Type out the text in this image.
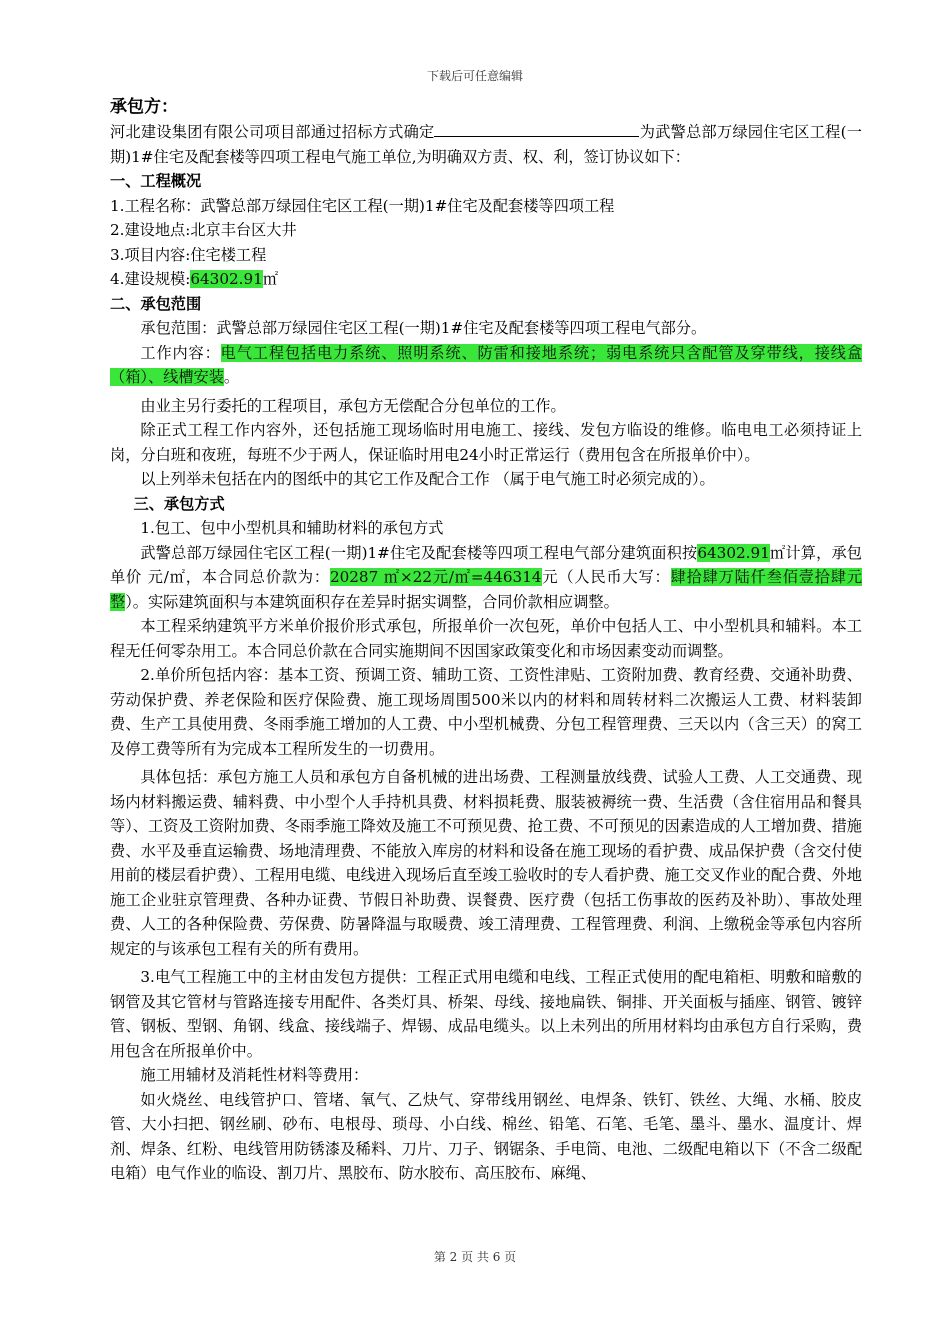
下载后可任意编辑

承包方：

河北建设集团有限公司项目部通过招标方式确定	为武警总部万绿园住宅区工程(一期)1#住宅及配套楼等四项工程电气施工单位,为明确双方责、权、利，签订协议如下：

一、工程概况

1.工程名称：武警总部万绿园住宅区工程(一期)1#住宅及配套楼等四项工程

2.建设地点:北京丰台区大井

3.项目内容:住宅楼工程

4.建设规模:64302.91㎡

二、承包范围

承包范围：武警总部万绿园住宅区工程(一期)1#住宅及配套楼等四项工程电气部分。

工作内容：电气工程包括电力系统、照明系统、防雷和接地系统；弱电系统只含配管及穿带线，接线盒（箱）、线槽安装。

由业主另行委托的工程项目，承包方无偿配合分包单位的工作。

除正式工程工作内容外，还包括施工现场临时用电施工、接线、发包方临设的维修。临电电工必须持证上岗，分白班和夜班，每班不少于两人，保证临时用电24小时正常运行（费用包含在所报单价中）。

以上列举未包括在内的图纸中的其它工作及配合工作 （属于电气施工时必须完成的）。

三、承包方式

1.包工、包中小型机具和辅助材料的承包方式

武警总部万绿园住宅区工程(一期)1#住宅及配套楼等四项工程电气部分建筑面积按64302.91㎡计算，承包单价 元/㎡，本合同总价款为：20287 ㎡×22元/㎡=446314元（人民币大写：肆拾肆万陆仟叁佰壹拾肆元整）。实际建筑面积与本建筑面积存在差异时据实调整，合同价款相应调整。

本工程采纳建筑平方米单价报价形式承包，所报单价一次包死，单价中包括人工、中小型机具和辅料。本工程无任何零杂用工。本合同总价款在合同实施期间不因国家政策变化和市场因素变动而调整。

2.单价所包括内容：基本工资、预调工资、辅助工资、工资性津贴、工资附加费、教育经费、交通补助费、劳动保护费、养老保险和医疗保险费、施工现场周围500米以内的材料和周转材料二次搬运人工费、材料装卸费、生产工具使用费、冬雨季施工增加的人工费、中小型机械费、分包工程管理费、三天以内（含三天）的窝工及停工费等所有为完成本工程所发生的一切费用。

具体包括：承包方施工人员和承包方自备机械的进出场费、工程测量放线费、试验人工费、人工交通费、现场内材料搬运费、辅料费、中小型个人手持机具费、材料损耗费、服装被褥统一费、生活费（含住宿用品和餐具等）、工资及工资附加费、冬雨季施工降效及施工不可预见费、抢工费、不可预见的因素造成的人工增加费、措施费、水平及垂直运输费、场地清理费、不能放入库房的材料和设备在施工现场的看护费、成品保护费（含交付使用前的楼层看护费）、工程用电缆、电线进入现场后直至竣工验收时的专人看护费、施工交叉作业的配合费、外地施工企业驻京管理费、各种办证费、节假日补助费、误餐费、医疗费（包括工伤事故的医药及补助）、事故处理费、人工的各种保险费、劳保费、防暑降温与取暖费、竣工清理费、工程管理费、利润、上缴税金等承包内容所规定的与该承包工程有关的所有费用。

3.电气工程施工中的主材由发包方提供：工程正式用电缆和电线、工程正式使用的配电箱柜、明敷和暗敷的钢管及其它管材与管路连接专用配件、各类灯具、桥架、母线、接地扁铁、铜排、开关面板与插座、钢管、镀锌管、钢板、型钢、角钢、线盒、接线端子、焊锡、成品电缆头。以上未列出的所用材料均由承包方自行采购，费用包含在所报单价中。

施工用辅材及消耗性材料等费用：

如火烧丝、电线管护口、管堵、氧气、乙炔气、穿带线用钢丝、电焊条、铁钉、铁丝、大绳、水桶、胶皮管、大小扫把、钢丝刷、砂布、电根母、琐母、小白线、棉丝、铅笔、石笔、毛笔、墨斗、墨水、温度计、焊剂、焊条、红粉、电线管用防锈漆及稀料、刀片、刀子、钢锯条、手电筒、电池、二级配电箱以下（不含二级配电箱）电气作业的临设、割刀片、黑胶布、防水胶布、高压胶布、麻绳、

第 2 页 共 6 页
